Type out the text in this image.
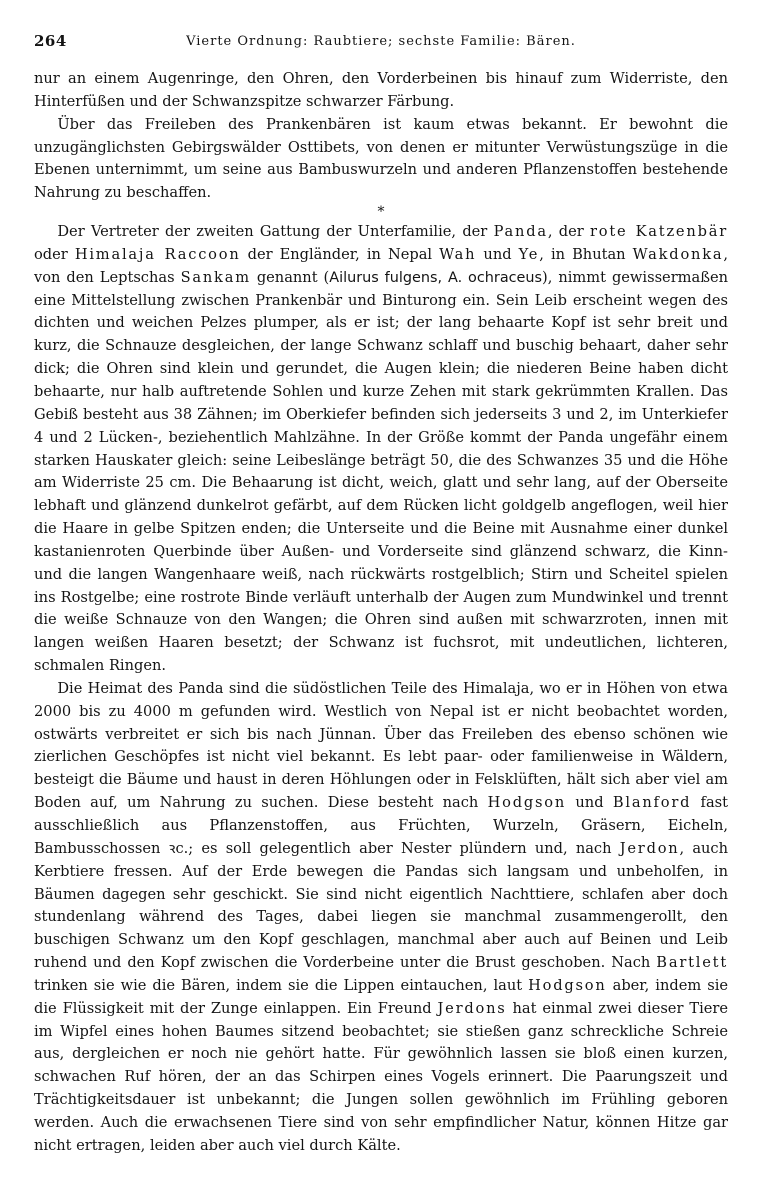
264	Vierte Ordnung: Raubtiere; sechste Familie: Bären.

nur an einem Augenringe, den Ohren, den Vorderbeinen bis hinauf zum Widerriste, den Hinterfüßen und der Schwanzspitze schwarzer Färbung.

Über das Freileben des Prankenbären ist kaum etwas bekannt. Er bewohnt die unzugänglichsten Gebirgswälder Osttibets, von denen er mitunter Verwüstungszüge in die Ebenen unternimmt, um seine aus Bambuswurzeln und anderen Pflanzenstoffen bestehende Nahrung zu beschaffen.

*

Der Vertreter der zweiten Gattung der Unterfamilie, der Panda, der rote Katzenbär oder Himalaja Raccoon der Engländer, in Nepal Wah und Ye, in Bhutan Wakdonka, von den Leptschas Sankam genannt (Ailurus fulgens, A. ochraceus), nimmt gewissermaßen eine Mittelstellung zwischen Prankenbär und Binturong ein. Sein Leib erscheint wegen des dichten und weichen Pelzes plumper, als er ist; der lang behaarte Kopf ist sehr breit und kurz, die Schnauze desgleichen, der lange Schwanz schlaff und buschig behaart, daher sehr dick; die Ohren sind klein und gerundet, die Augen klein; die niederen Beine haben dicht behaarte, nur halb auftretende Sohlen und kurze Zehen mit stark gekrümmten Krallen. Das Gebiß besteht aus 38 Zähnen; im Oberkiefer befinden sich jederseits 3 und 2, im Unterkiefer 4 und 2 Lücken-, beziehentlich Mahlzähne. In der Größe kommt der Panda ungefähr einem starken Hauskater gleich: seine Leibeslänge beträgt 50, die des Schwanzes 35 und die Höhe am Widerriste 25 cm. Die Behaarung ist dicht, weich, glatt und sehr lang, auf der Oberseite lebhaft und glänzend dunkelrot gefärbt, auf dem Rücken licht goldgelb angeflogen, weil hier die Haare in gelbe Spitzen enden; die Unterseite und die Beine mit Ausnahme einer dunkel kastanienroten Querbinde über Außen- und Vorderseite sind glänzend schwarz, die Kinn- und die langen Wangenhaare weiß, nach rückwärts rostgelblich; Stirn und Scheitel spielen ins Rostgelbe; eine rostrote Binde verläuft unterhalb der Augen zum Mundwinkel und trennt die weiße Schnauze von den Wangen; die Ohren sind außen mit schwarzroten, innen mit langen weißen Haaren besetzt; der Schwanz ist fuchsrot, mit undeutlichen, lichteren, schmalen Ringen.

Die Heimat des Panda sind die südöstlichen Teile des Himalaja, wo er in Höhen von etwa 2000 bis zu 4000 m gefunden wird. Westlich von Nepal ist er nicht beobachtet worden, ostwärts verbreitet er sich bis nach Jünnan. Über das Freileben des ebenso schönen wie zierlichen Geschöpfes ist nicht viel bekannt. Es lebt paar- oder familienweise in Wäldern, besteigt die Bäume und haust in deren Höhlungen oder in Felsklüften, hält sich aber viel am Boden auf, um Nahrung zu suchen. Diese besteht nach Hodgson und Blanford fast ausschließlich aus Pflanzenstoffen, aus Früchten, Wurzeln, Gräsern, Eicheln, Bambusschossen ꝛc.; es soll gelegentlich aber Nester plündern und, nach Jerdon, auch Kerbtiere fressen. Auf der Erde bewegen die Pandas sich langsam und unbeholfen, in Bäumen dagegen sehr geschickt. Sie sind nicht eigentlich Nachttiere, schlafen aber doch stundenlang während des Tages, dabei liegen sie manchmal zusammengerollt, den buschigen Schwanz um den Kopf geschlagen, manchmal aber auch auf Beinen und Leib ruhend und den Kopf zwischen die Vorderbeine unter die Brust geschoben. Nach Bartlett trinken sie wie die Bären, indem sie die Lippen eintauchen, laut Hodgson aber, indem sie die Flüssigkeit mit der Zunge einlappen. Ein Freund Jerdons hat einmal zwei dieser Tiere im Wipfel eines hohen Baumes sitzend beobachtet; sie stießen ganz schreckliche Schreie aus, dergleichen er noch nie gehört hatte. Für gewöhnlich lassen sie bloß einen kurzen, schwachen Ruf hören, der an das Schirpen eines Vogels erinnert. Die Paarungszeit und Trächtigkeitsdauer ist unbekannt; die Jungen sollen gewöhnlich im Frühling geboren werden. Auch die erwachsenen Tiere sind von sehr empfindlicher Natur, können Hitze gar nicht ertragen, leiden aber auch viel durch Kälte.
